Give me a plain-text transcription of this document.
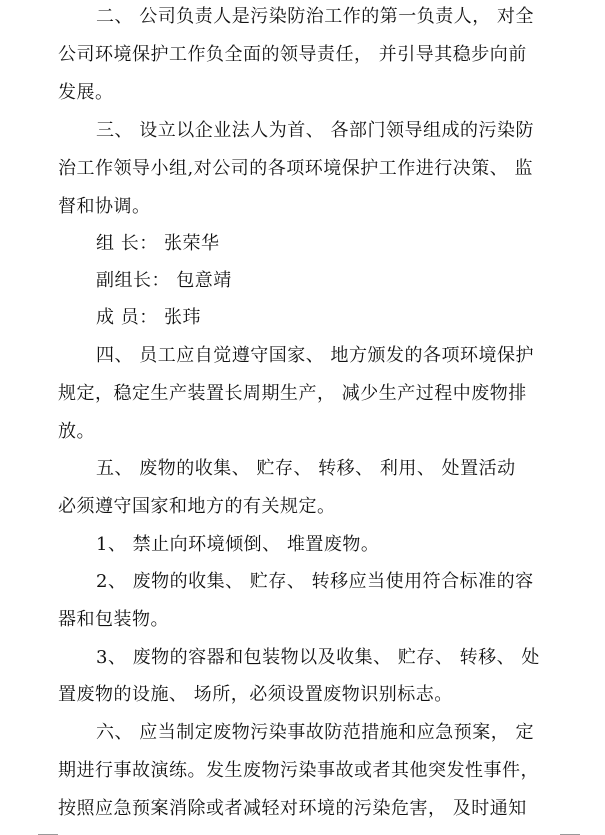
二、 公司负责人是污染防治工作的第一负责人， 对全
公司环境保护工作负全面的领导责任， 并引导其稳步向前
发展。
三、 设立以企业法人为首、 各部门领导组成的污染防
治工作领导小组,对公司的各项环境保护工作进行决策、 监
督和协调。
组 长： 张荣华
副组长： 包意靖
成 员： 张玮
四、 员工应自觉遵守国家、 地方颁发的各项环境保护
规定，稳定生产装置长周期生产， 减少生产过程中废物排
放。
五、 废物的收集、 贮存、 转移、 利用、 处置活动
必须遵守国家和地方的有关规定。
1、 禁止向环境倾倒、 堆置废物。
2、 废物的收集、 贮存、 转移应当使用符合标准的容
器和包装物。
3、 废物的容器和包装物以及收集、 贮存、 转移、 处
置废物的设施、 场所，必须设置废物识别标志。
六、 应当制定废物污染事故防范措施和应急预案， 定
期进行事故演练。发生废物污染事故或者其他突发性事件，
按照应急预案消除或者减轻对环境的污染危害， 及时通知
